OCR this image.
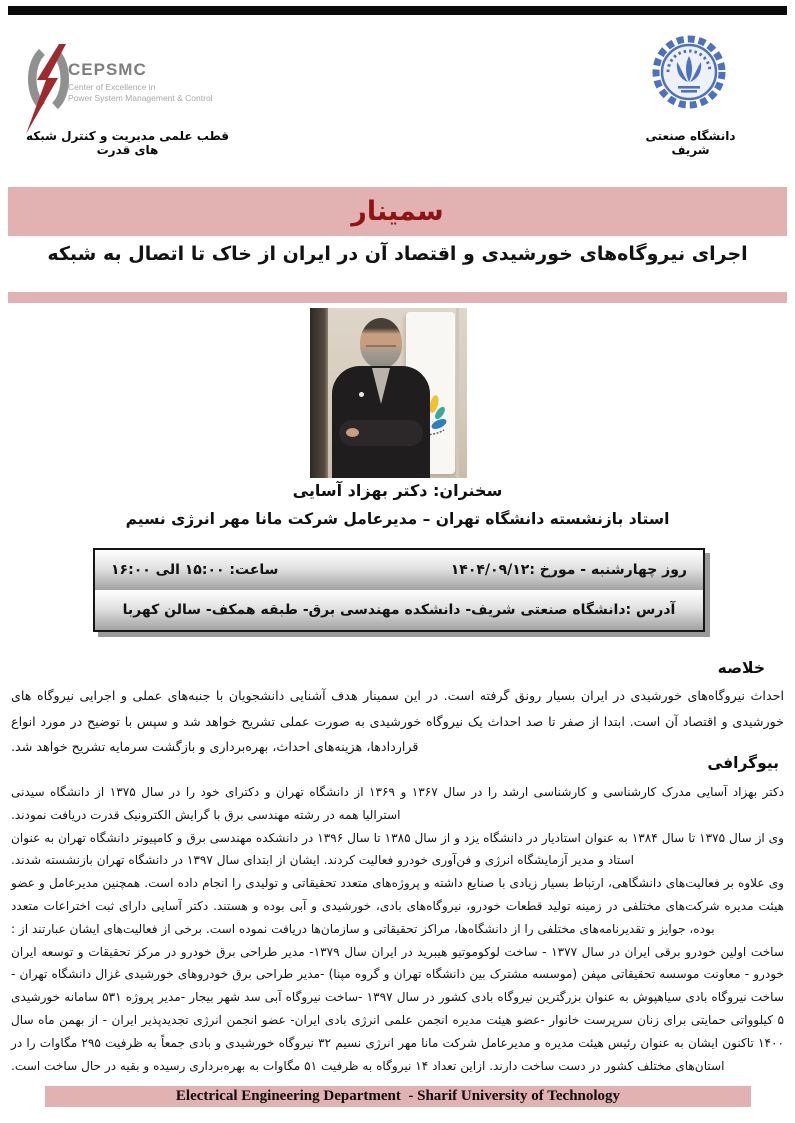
CEPSMC
Center of Excellence in
Power System Management & Control
قطب علمی مدیریت و کنترل شبکه های قدرت
دانشگاه صنعتی شریف
سمینار
اجرای نیروگاه‌های خورشیدی و اقتصاد آن در ایران از خاک تا اتصال به شبکه
سخنران: دکتر بهزاد آسایی
استاد بازنشسته دانشگاه تهران – مدیرعامل شرکت مانا مهر انرژی نسیم
روز چهارشنبه - مورخ :۱۴۰۴/۰۹/۱۲
ساعت: ۱۵:۰۰ الی ۱۶:۰۰
آدرس :دانشگاه صنعتی شریف- دانشکده مهندسی برق- طبقه همکف- سالن کهربا
خلاصه
احداث نیروگاه‌های خورشیدی در ایران بسیار رونق گرفته است. در این سمینار هدف آشنایی دانشجویان با جنبه‌های عملی و اجرایی نیروگاه های خورشیدی و اقتصاد آن است. ابتدا از صفر تا صد احداث یک نیروگاه خورشیدی به صورت عملی تشریح خواهد شد و سپس با توضیح در مورد انواع قراردادها، هزینه‌های احداث، بهره‌برداری و بازگشت سرمایه تشریح خواهد شد.
بیوگرافی

دکتر بهزاد آسایی مدرک کارشناسی و کارشناسی ارشد را در سال ۱۳۶۷ و ۱۳۶۹ از دانشگاه تهران و دکترای خود را در سال ۱۳۷۵ از دانشگاه سیدنی استرالیا همه در رشته مهندسی برق با گرایش الکترونیک قدرت دریافت نمودند.

وی از سال ۱۳۷۵ تا سال ۱۳۸۴ به عنوان استادیار در دانشگاه یزد و از سال ۱۳۸۵ تا سال ۱۳۹۶ در دانشکده مهندسی برق و کامپیوتر دانشگاه تهران به عنوان استاد و مدیر آزمایشگاه انرژی و فن‌آوری خودرو فعالیت کردند. ایشان از ابتدای سال ۱۳۹۷ در دانشگاه تهران بازنشسته شدند.

وی علاوه بر فعالیت‌های دانشگاهی، ارتباط بسیار زیادی با صنایع داشته و پروژه‌های متعدد تحقیقاتی و تولیدی را انجام داده است. همچنین مدیرعامل و عضو هیئت مدیره شرکت‌های مختلفی در زمینه تولید قطعات خودرو، نیروگاه‌های بادی، خورشیدی و آبی بوده و هستند. دکتر آسایی دارای ثبت اختراعات متعدد بوده، جوایز و تقدیرنامه‌های مختلفی را از دانشگاه‌ها، مراکز تحقیقاتی و سازمان‌ها دریافت نموده است. برخی از فعالیت‌های ایشان عبارتند از :

ساخت اولین خودرو برقی ایران در سال ۱۳۷۷ - ساخت لوکوموتیو هیبرید در ایران سال ۱۳۷۹- مدیر طراحی برق خودرو در مرکز تحقیقات و توسعه ایران خودرو - معاونت موسسه تحقیقاتی مپفن (موسسه مشترک بین دانشگاه تهران و گروه مپنا) -مدیر طراحی برق خودروهای خورشیدی غزال دانشگاه تهران - ساخت نیروگاه بادی سیاهپوش به عنوان بزرگترین نیروگاه بادی کشور در سال ۱۳۹۷ -ساخت نیروگاه آبی سد شهر بیجار -مدیر پروژه ۵۳۱ سامانه خورشیدی ۵ کیلوواتی حمایتی برای زنان سرپرست خانوار -عضو هیئت مدیره انجمن علمی انرژی بادی ایران- عضو انجمن انرژی تجدیدپذیر ایران - از بهمن ماه سال ۱۴۰۰ تاکنون ایشان به عنوان رئیس هیئت مدیره و مدیرعامل شرکت مانا مهر انرژی نسیم ۳۲ نیروگاه خورشیدی و بادی جمعاً به ظرفیت ۲۹۵ مگاوات را در استان‌های مختلف کشور در دست ساخت دارند. ازاین تعداد ۱۴ نیروگاه به ظرفیت ۵۱ مگاوات به بهره‌برداری رسیده و بقیه در حال ساخت است.

Electrical Engineering Department  - Sharif University of Technology
